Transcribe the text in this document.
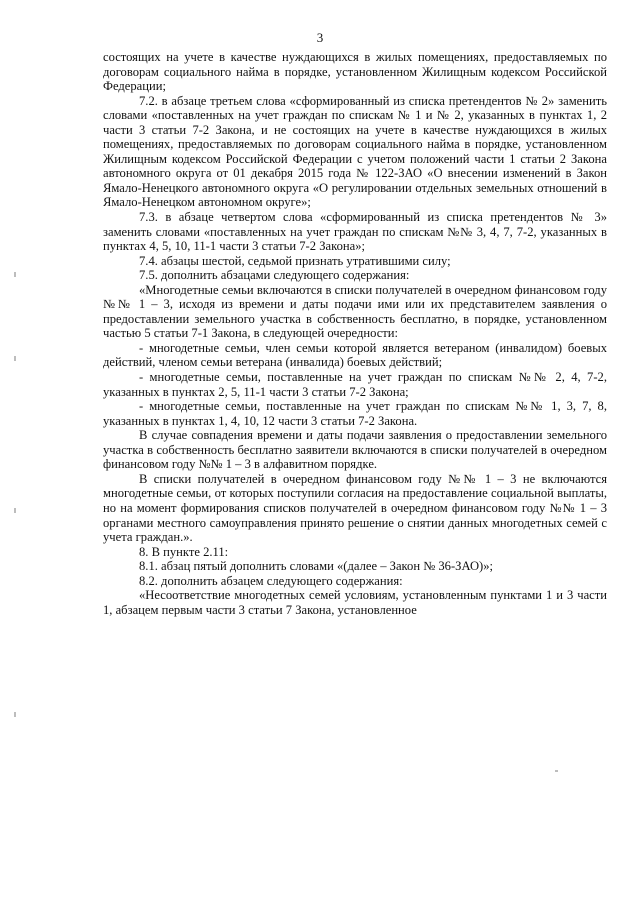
3

состоящих на учете в качестве нуждающихся в жилых помещениях, предоставляемых по договорам социального найма в порядке, установленном Жилищным кодексом Российской Федерации;

7.2. в абзаце третьем слова «сформированный из списка претендентов № 2» заменить словами «поставленных на учет граждан по спискам № 1 и № 2, указанных в пунктах 1, 2 части 3 статьи 7-2 Закона, и не состоящих на учете в качестве нуждающихся в жилых помещениях, предоставляемых по договорам социального найма в порядке, установленном Жилищным кодексом Российской Федерации с учетом положений части 1 статьи 2 Закона автономного округа от 01 декабря 2015 года № 122-ЗАО «О внесении изменений в Закон Ямало-Ненецкого автономного округа «О регулировании отдельных земельных отношений в Ямало-Ненецком автономном округе»;

7.3. в абзаце четвертом слова «сформированный из списка претендентов № 3» заменить словами «поставленных на учет граждан по спискам №№ 3, 4, 7, 7-2, указанных в пунктах 4, 5, 10, 11-1 части 3 статьи 7-2 Закона»;

7.4. абзацы шестой, седьмой признать утратившими силу;

7.5. дополнить абзацами следующего содержания:

«Многодетные семьи включаются в списки получателей в очередном финансовом году №№ 1 – 3, исходя из времени и даты подачи ими или их представителем заявления о предоставлении земельного участка в собственность бесплатно, в порядке, установленном частью 5 статьи 7-1 Закона, в следующей очередности:

- многодетные семьи, член семьи которой является ветераном (инвалидом) боевых действий, членом семьи ветерана (инвалида) боевых действий;

- многодетные семьи, поставленные на учет граждан по спискам №№ 2, 4, 7-2, указанных в пунктах 2, 5, 11-1 части 3 статьи 7-2 Закона;

- многодетные семьи, поставленные на учет граждан по спискам №№ 1, 3, 7, 8, указанных в пунктах 1, 4, 10, 12 части 3 статьи 7-2 Закона.

В случае совпадения времени и даты подачи заявления о предоставлении земельного участка в собственность бесплатно заявители включаются в списки получателей в очередном финансовом году №№ 1 – 3 в алфавитном порядке.

В списки получателей в очередном финансовом году №№ 1 – 3 не включаются многодетные семьи, от которых поступили согласия на предоставление социальной выплаты, но на момент формирования списков получателей в очередном финансовом году №№ 1 – 3 органами местного самоуправления принято решение о снятии данных многодетных семей с учета граждан.».

8. В пункте 2.11:

8.1. абзац пятый дополнить словами «(далее – Закон № 36-ЗАО)»;

8.2. дополнить абзацем следующего содержания:

«Несоответствие многодетных семей условиям, установленным пунктами 1 и 3 части 1, абзацем первым части 3 статьи 7 Закона, установленное
